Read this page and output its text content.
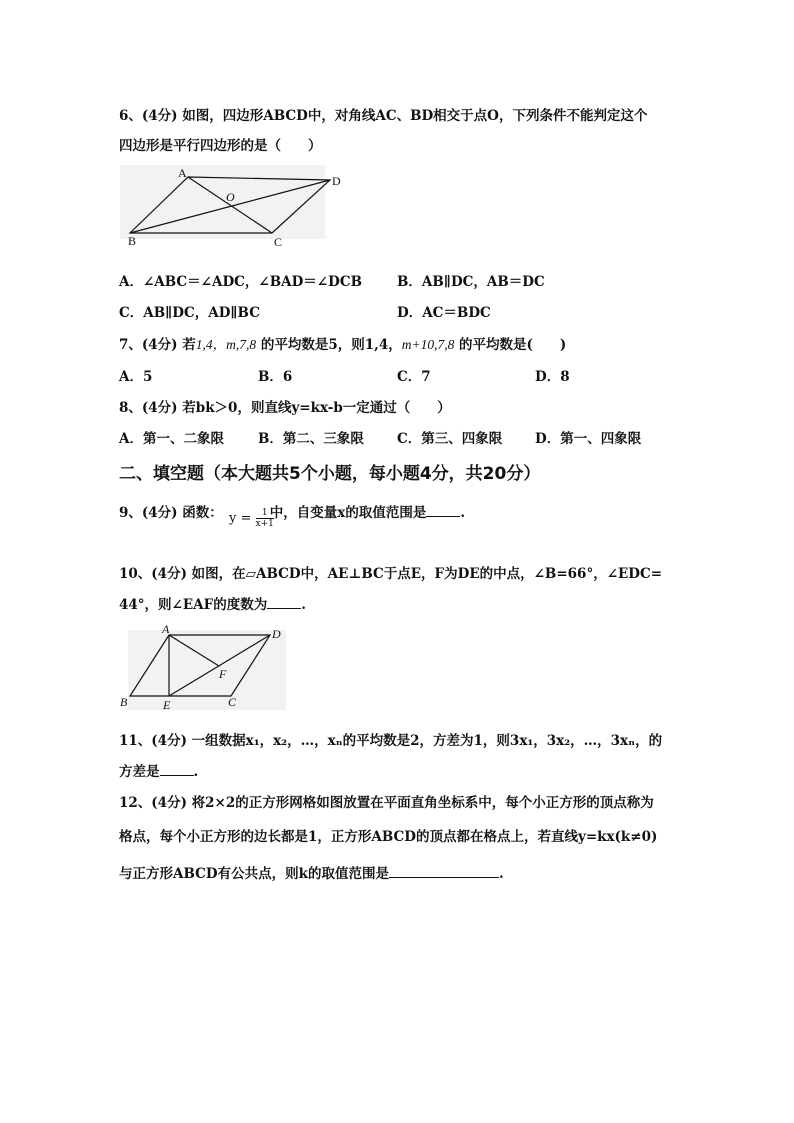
6、(4分) 如图，四边形ABCD中，对角线AC、BD相交于点O，下列条件不能判定这个
四边形是平行四边形的是（　　）
A
D
O
B	C
A．∠ABC＝∠ADC，∠BAD＝∠DCB	B．AB∥DC，AB＝DC
C．AB∥DC，AD∥BC	D．AC＝BDC
7、(4分) 若1,4，m,7,8 的平均数是5，则1,4，m+10,7,8 的平均数是(　　)
A．5	B．6	C．7	D．8
8、(4分) 若bk＞0，则直线y=kx-b一定通过（　　）
A．第一、二象限	B．第二、三象限 C．第三、四象限 D．第一、四象限
二、填空题（本大题共5个小题，每小题4分，共20分）
9、(4分) 函数：	中，自变量x的取值范围是	.
$y = \frac{1}{x+1}$
10、(4分) 如图，在▱ABCD中，AE⊥BC于点E，F为DE的中点，∠B=66°，∠EDC=
44°，则∠EAF的度数为	.
A	D
F
B	E	C
11、(4分) 一组数据x₁，x₂，…，xₙ的平均数是2，方差为1，则3x₁，3x₂，…，3xₙ，的
方差是	.
12、(4分) 将2×2的正方形网格如图放置在平面直角坐标系中，每个小正方形的顶点称为
格点，每个小正方形的边长都是1，正方形ABCD的顶点都在格点上，若直线y=kx(k≠0)
与正方形ABCD有公共点，则k的取值范围是	.
